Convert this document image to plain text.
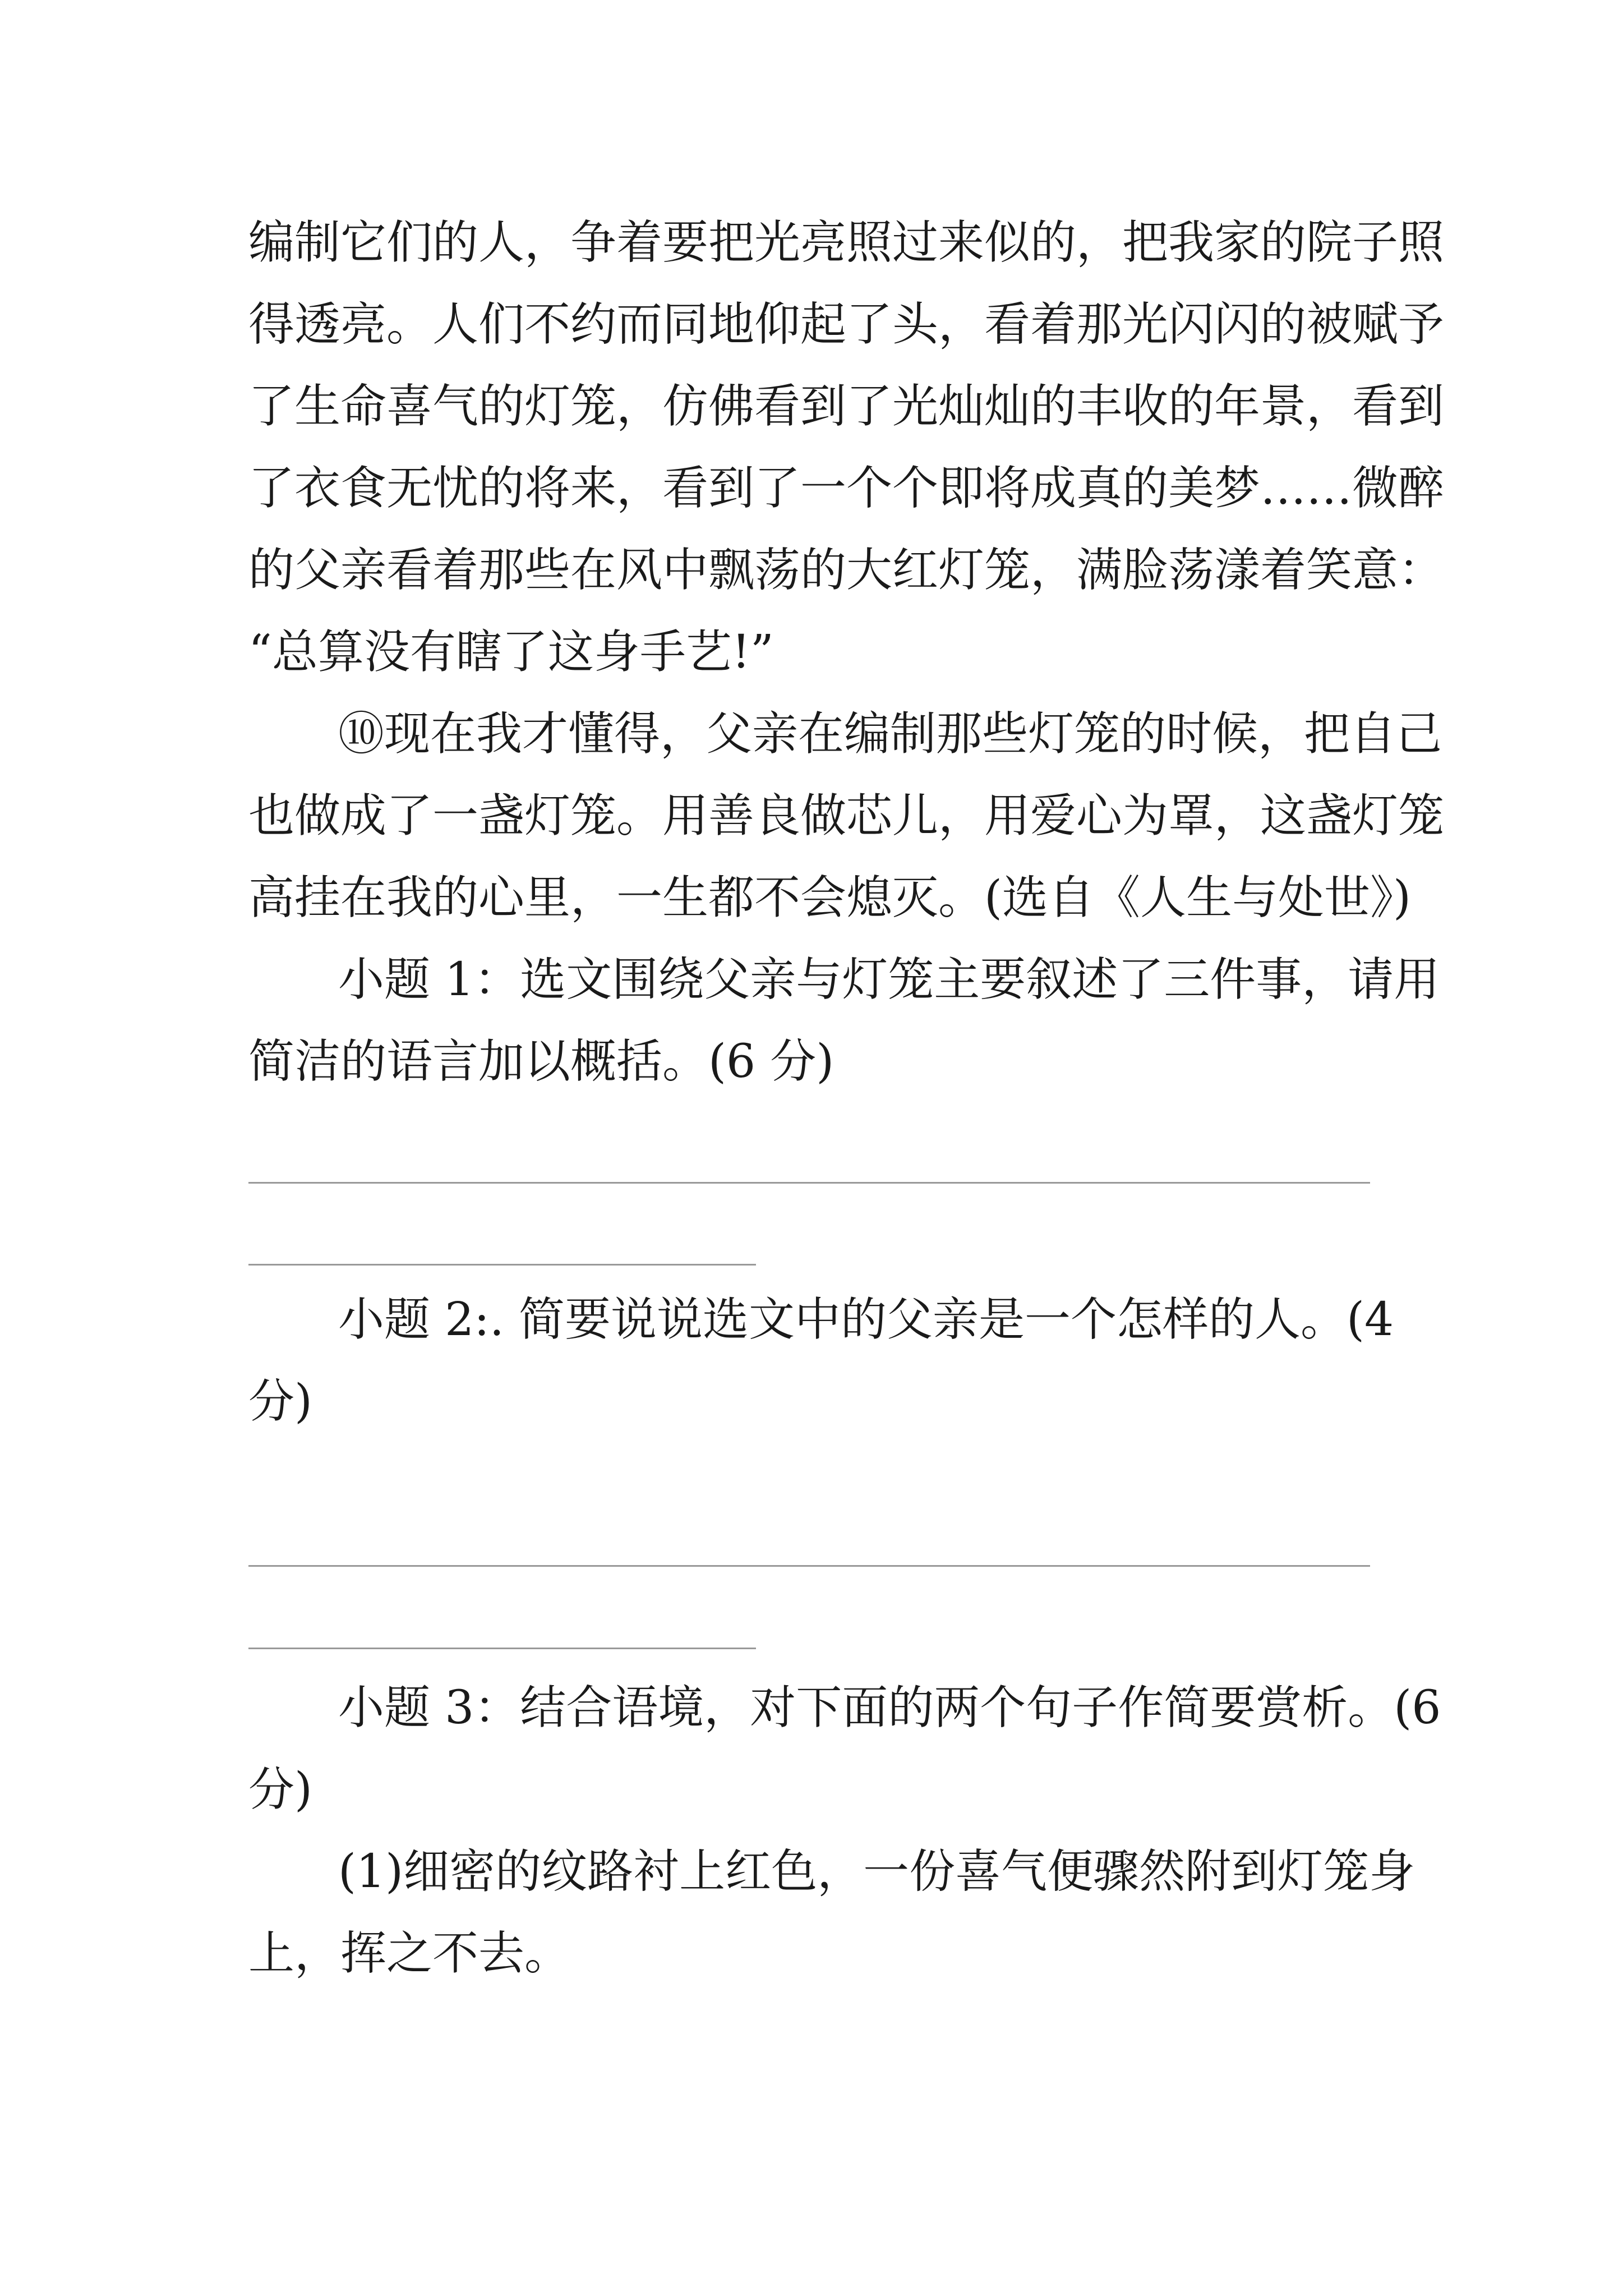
编制它们的人，争着要把光亮照过来似的，把我家的院子照

得透亮。人们不约而同地仰起了头，看着那光闪闪的被赋予

了生命喜气的灯笼，仿佛看到了光灿灿的丰收的年景，看到

了衣食无忧的将来，看到了一个个即将成真的美梦……微醉

的父亲看着那些在风中飘荡的大红灯笼，满脸荡漾着笑意：

“总算没有瞎了这身手艺!”

⑩现在我才懂得，父亲在编制那些灯笼的时候，把自己

也做成了一盏灯笼。用善良做芯儿，用爱心为罩，这盏灯笼

高挂在我的心里，一生都不会熄灭。(选自《人生与处世》)

小题 1：选文围绕父亲与灯笼主要叙述了三件事，请用

简洁的语言加以概括。(6 分)

小题 2:. 简要说说选文中的父亲是一个怎样的人。(4

分)

小题 3：结合语境，对下面的两个句子作简要赏析。(6

分)

(1)细密的纹路衬上红色，一份喜气便骤然附到灯笼身

上，挥之不去。
